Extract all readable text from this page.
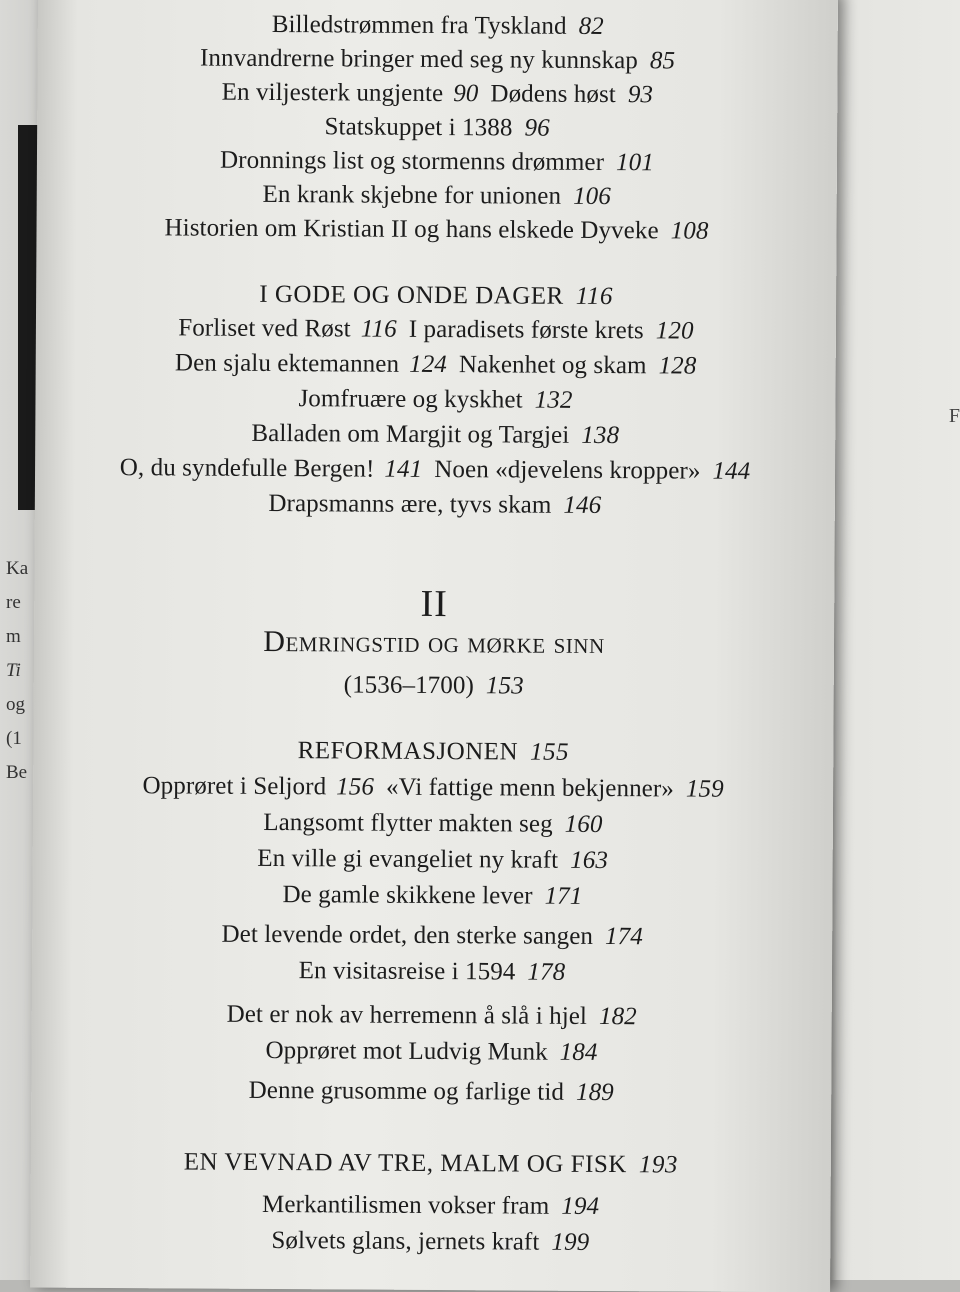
Ka
re
m
Ti
og
(1
Be
F
Billedstrømmen fra Tyskland 82
Innvandrerne bringer med seg ny kunnskap 85
En viljesterk ungjente 90 Dødens høst 93
Statskuppet i 1388 96
Dronnings list og stormenns drømmer 101
En krank skjebne for unionen 106
Historien om Kristian II og hans elskede Dyveke 108
I GODE OG ONDE DAGER 116
Forliset ved Røst 116 I paradisets første krets 120
Den sjalu ektemannen 124 Nakenhet og skam 128
Jomfruære og kyskhet 132
Balladen om Margjit og Targjei 138
O, du syndefulle Bergen! 141 Noen «djevelens kropper» 144
Drapsmanns ære, tyvs skam 146
II
Demringstid og mørke sinn
(1536–1700) 153
REFORMASJONEN 155
Opprøret i Seljord 156 «Vi fattige menn bekjenner» 159
Langsomt flytter makten seg 160
En ville gi evangeliet ny kraft 163
De gamle skikkene lever 171
Det levende ordet, den sterke sangen 174
En visitasreise i 1594 178
Det er nok av herremenn å slå i hjel 182
Opprøret mot Ludvig Munk 184
Denne grusomme og farlige tid 189
EN VEVNAD AV TRE, MALM OG FISK 193
Merkantilismen vokser fram 194
Sølvets glans, jernets kraft 199
